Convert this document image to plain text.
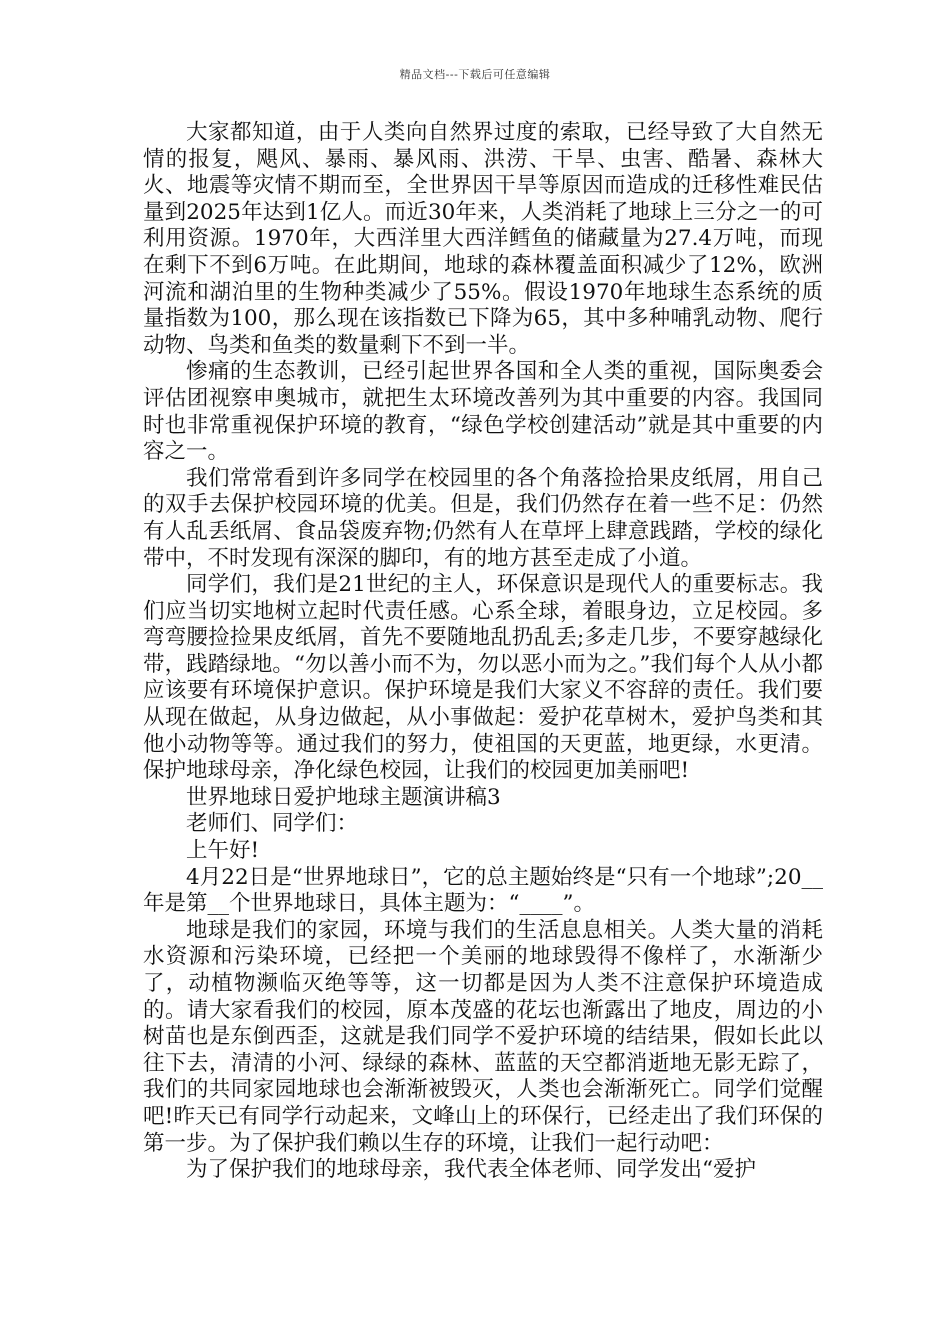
精品文档---下载后可任意编辑

大家都知道，由于人类向自然界过度的索取，已经导致了大自然无情的报复，飓风、暴雨、暴风雨、洪涝、干旱、虫害、酷暑、森林大火、地震等灾情不期而至，全世界因干旱等原因而造成的迁移性难民估量到2025年达到1亿人。而近30年来，人类消耗了地球上三分之一的可利用资源。1970年，大西洋里大西洋鳕鱼的储藏量为27.4万吨，而现在剩下不到6万吨。在此期间，地球的森林覆盖面积减少了12%，欧洲河流和湖泊里的生物种类减少了55%。假设1970年地球生态系统的质量指数为100，那么现在该指数已下降为65，其中多种哺乳动物、爬行动物、鸟类和鱼类的数量剩下不到一半。

惨痛的生态教训，已经引起世界各国和全人类的重视，国际奥委会评估团视察申奥城市，就把生太环境改善列为其中重要的内容。我国同时也非常重视保护环境的教育，“绿色学校创建活动”就是其中重要的内容之一。

我们常常看到许多同学在校园里的各个角落捡拾果皮纸屑，用自己的双手去保护校园环境的优美。但是，我们仍然存在着一些不足：仍然有人乱丢纸屑、食品袋废弃物;仍然有人在草坪上肆意践踏，学校的绿化带中，不时发现有深深的脚印，有的地方甚至走成了小道。

同学们，我们是21世纪的主人，环保意识是现代人的重要标志。我们应当切实地树立起时代责任感。心系全球，着眼身边，立足校园。多弯弯腰捡捡果皮纸屑，首先不要随地乱扔乱丢;多走几步，不要穿越绿化带，践踏绿地。“勿以善小而不为，勿以恶小而为之。”我们每个人从小都应该要有环境保护意识。保护环境是我们大家义不容辞的责任。我们要从现在做起，从身边做起，从小事做起：爱护花草树木，爱护鸟类和其他小动物等等。通过我们的努力，使祖国的天更蓝，地更绿，水更清。保护地球母亲，净化绿色校园，让我们的校园更加美丽吧!

世界地球日爱护地球主题演讲稿3

老师们、同学们：

上午好!

4月22日是“世界地球日”，它的总主题始终是“只有一个地球”;20__年是第__个世界地球日，具体主题为：“____”。

地球是我们的家园，环境与我们的生活息息相关。人类大量的消耗水资源和污染环境，已经把一个美丽的地球毁得不像样了，水渐渐少了，动植物濒临灭绝等等，这一切都是因为人类不注意保护环境造成的。请大家看我们的校园，原本茂盛的花坛也渐露出了地皮，周边的小树苗也是东倒西歪，这就是我们同学不爱护环境的结结果，假如长此以往下去，清清的小河、绿绿的森林、蓝蓝的天空都消逝地无影无踪了，我们的共同家园地球也会渐渐被毁灭，人类也会渐渐死亡。同学们觉醒吧!昨天已有同学行动起来，文峰山上的环保行，已经走出了我们环保的第一步。为了保护我们赖以生存的环境，让我们一起行动吧：

为了保护我们的地球母亲，我代表全体老师、同学发出“爱护
